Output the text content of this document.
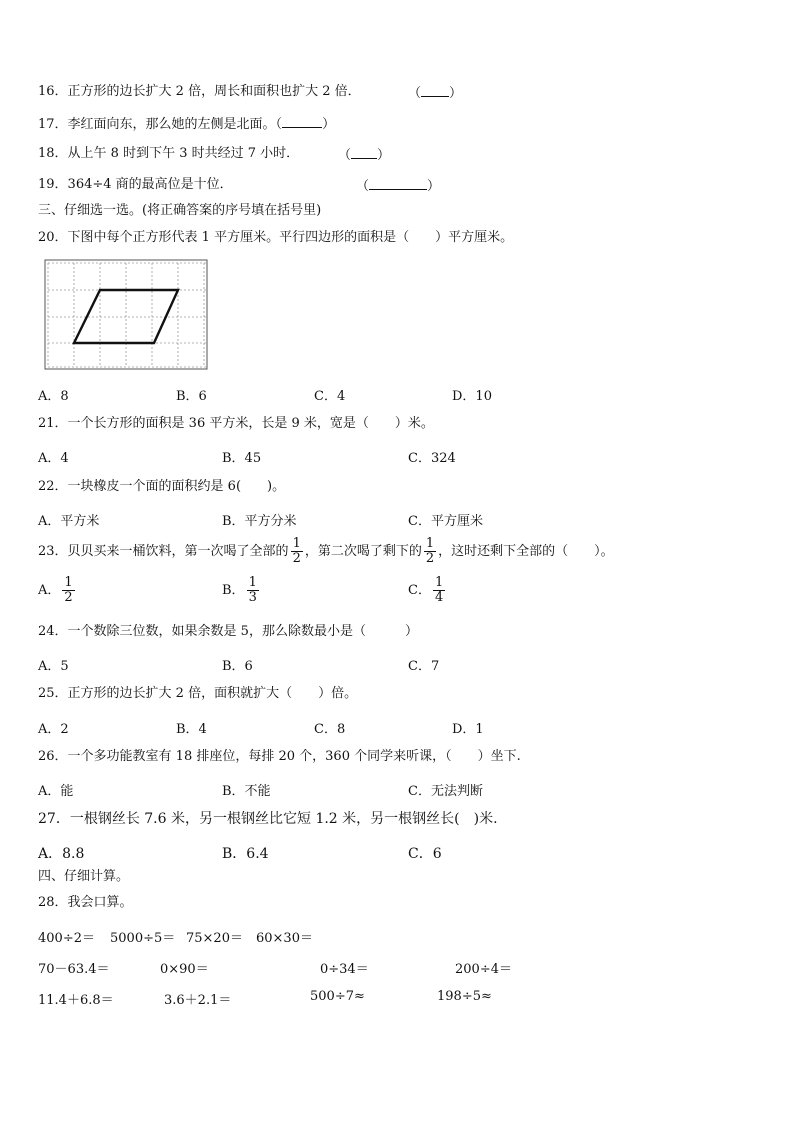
16．正方形的边长扩大 2 倍，周长和面积也扩大 2 倍．	（ ）
17．李红面向东，那么她的左侧是北面。（	）
18．从上午 8 时到下午 3 时共经过 7 小时．	（ ）
19．364÷4 商的最高位是十位．	（	）
三、仔细选一选。(将正确答案的序号填在括号里)
20．下图中每个正方形代表 1 平方厘米。平行四边形的面积是（　　）平方厘米。
A．8	B．6	C．4	D．10
21．一个长方形的面积是 36 平方米，长是 9 米，宽是（　　）米。
A．4	B．45	C．324
22．一块橡皮一个面的面积约是 6(　　)。
A．平方米	B．平方分米	C．平方厘米
23．贝贝买来一桶饮料，第一次喝了全部的 $\frac{1}{2}$ ，第二次喝了剩下的 $\frac{1}{2}$ ，这时还剩下全部的（　　）。
A． $\frac{1}{2}$	B． $\frac{1}{3}$	C． $\frac{1}{4}$
24．一个数除三位数，如果余数是 5，那么除数最小是（　　　）
A．5	B．6	C．7
25．正方形的边长扩大 2 倍，面积就扩大（　　）倍。
A．2	B．4	C．8	D．1
26．一个多功能教室有 18 排座位，每排 20 个，360 个同学来听课，（　　）坐下.
A．能	B．不能	C．无法判断
27．一根钢丝长 7.6 米，另一根钢丝比它短 1.2 米，另一根钢丝长(　)米.
A．8.8	B．6.4	C．6
四、仔细计算。
28．我会口算。
400÷2＝ 5000÷5＝ 75×20＝ 60×30＝
70－63.4＝	0×90＝	0÷34＝	200÷4＝
11.4＋6.8＝	3.6＋2.1＝	500÷7≈	198÷5≈
